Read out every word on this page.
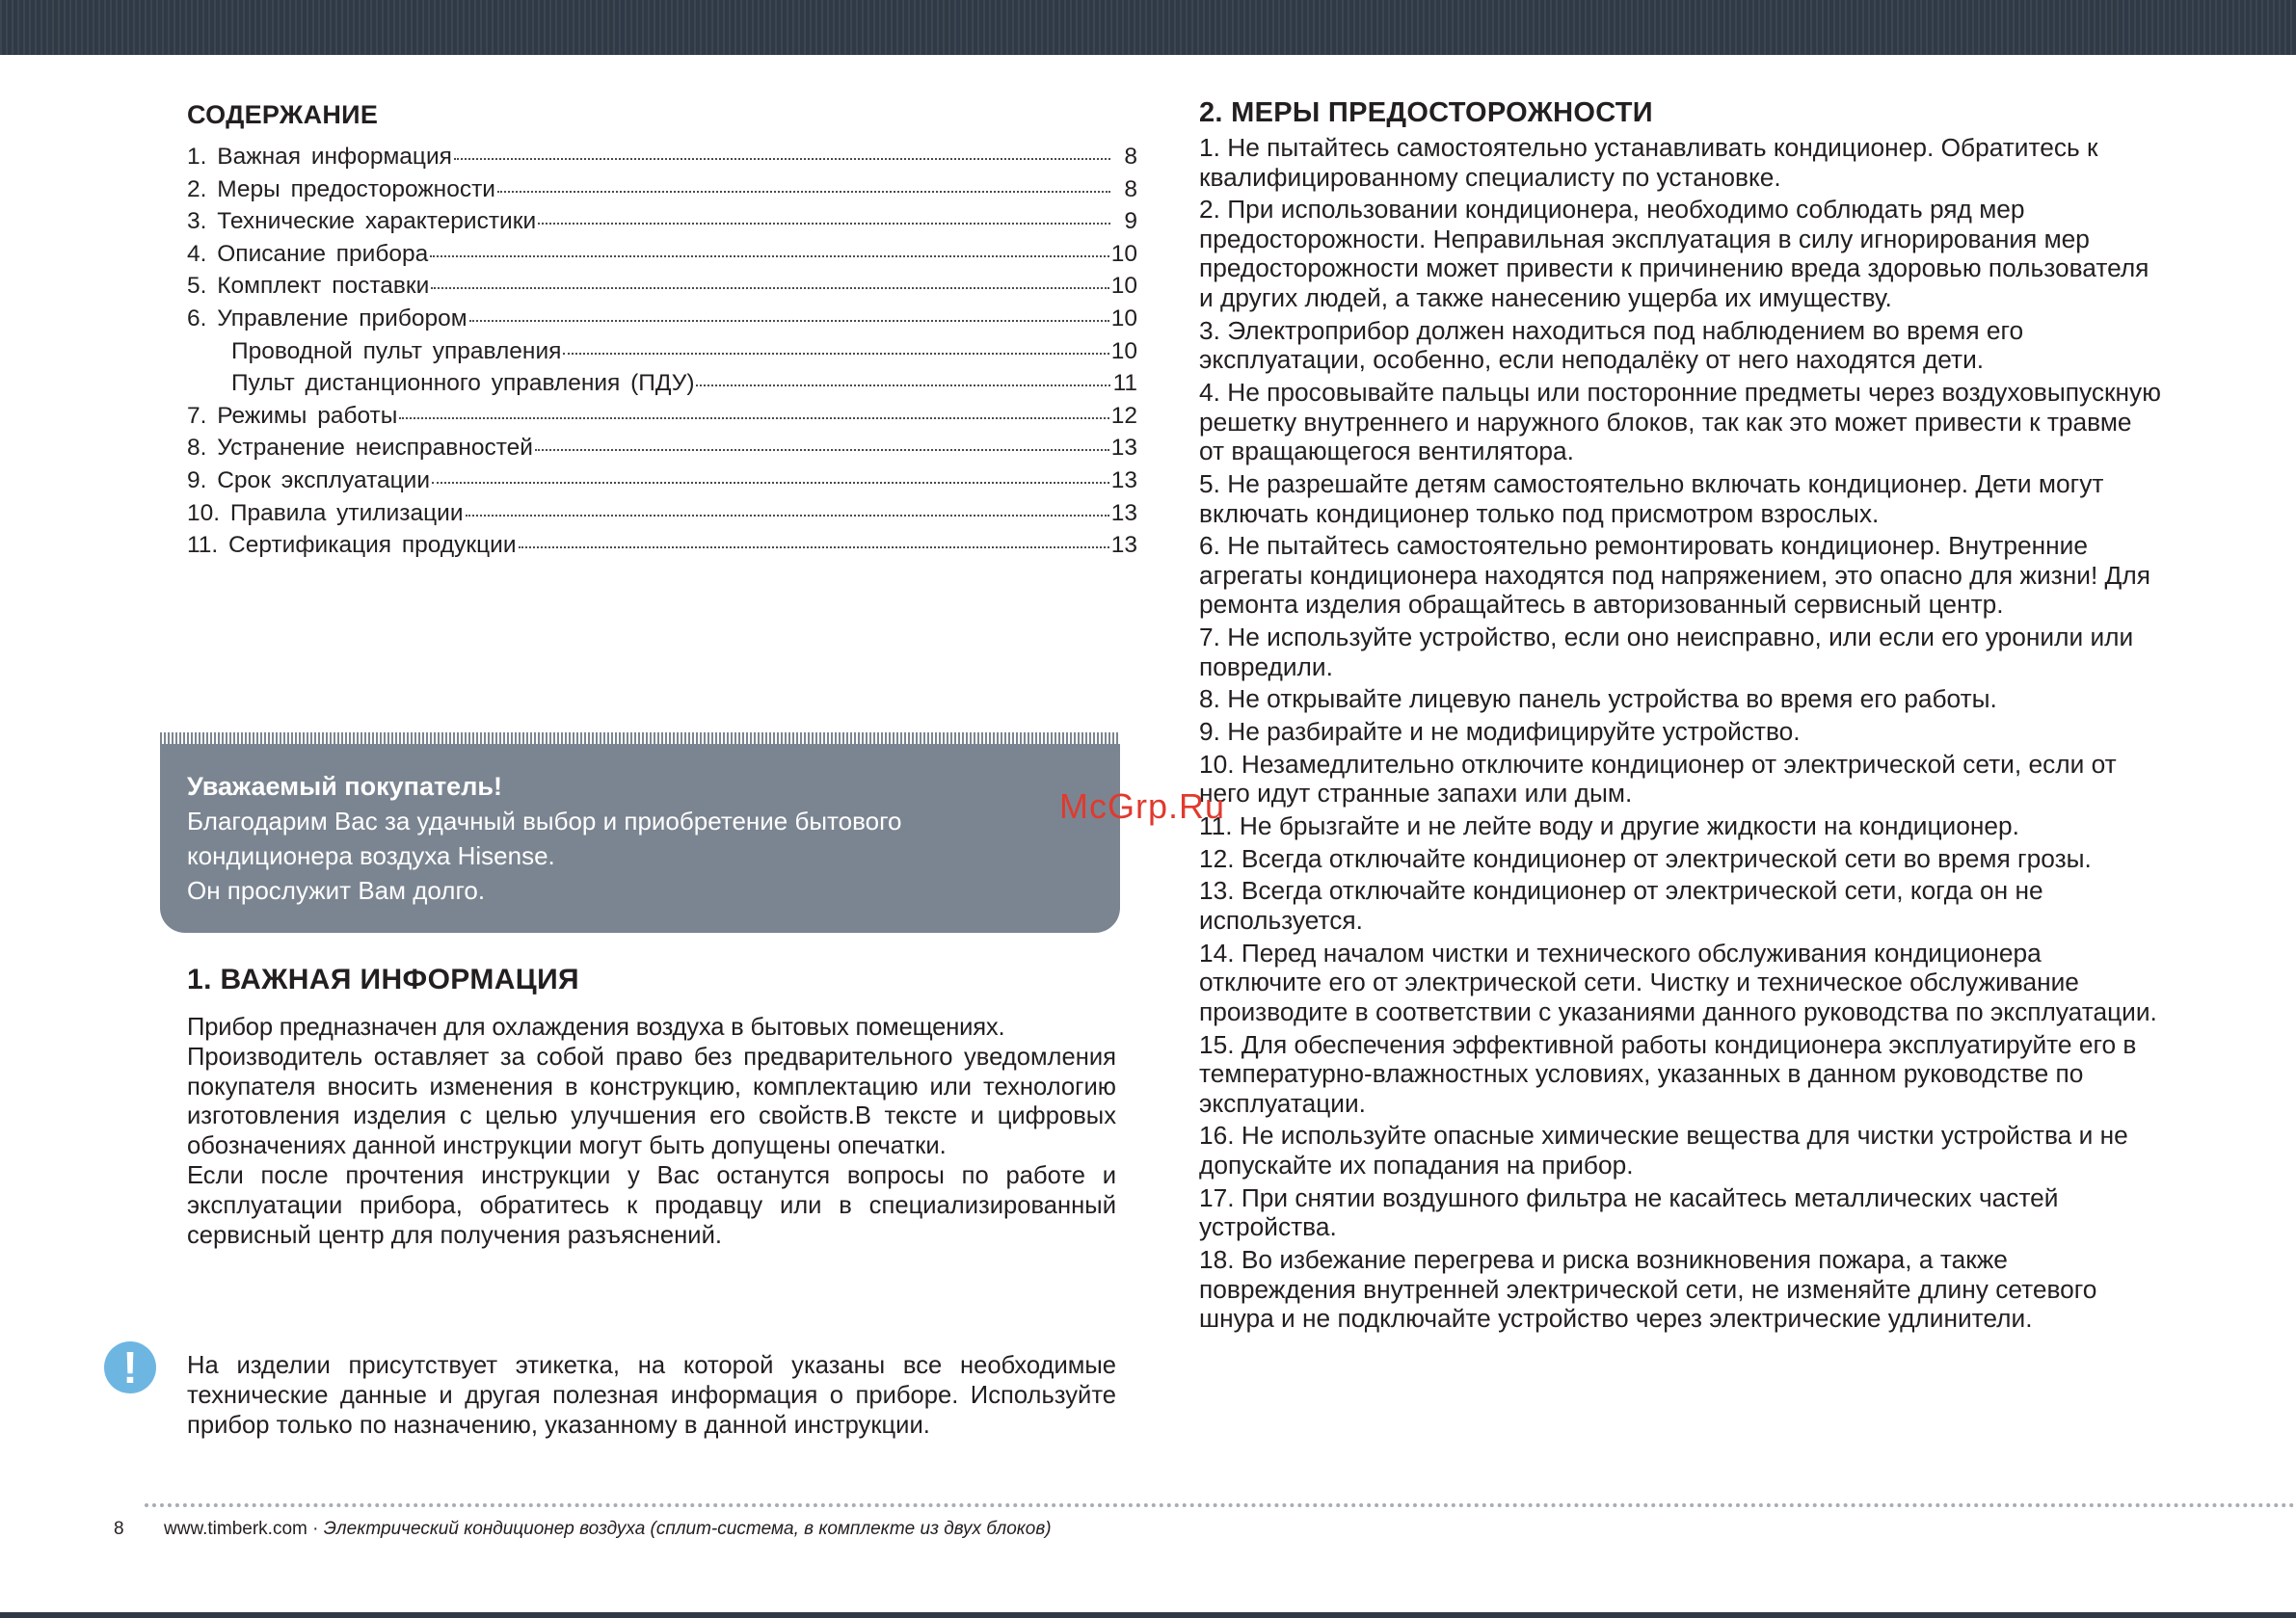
СОДЕРЖАНИЕ
1. Важная информация	8
2. Меры предосторожности	8
3. Технические характеристики	9
4. Описание прибора	10
5. Комплект поставки	10
6. Управление прибором	10
Проводной пульт управления	10
Пульт дистанционного управления (ПДУ)	11
7. Режимы работы	12
8. Устранение неисправностей	13
9. Срок эксплуатации	13
10. Правила утилизации	13
11. Сертификация продукции	13

Уважаемый покупатель!

Благодарим Вас за удачный выбор и приобретение бытового

кондиционера воздуха Hisense.

Он прослужит Вам долго.

1. ВАЖНАЯ ИНФОРМАЦИЯ

Прибор предназначен для охлаждения воздуха в бытовых помещениях.

Производитель оставляет за собой право без предварительного уведомления покупателя вносить изменения в конструкцию, комплектацию или технологию изготовления изделия с целью улучшения его свойств.В тексте и цифровых обозначениях данной инструкции могут быть допущены опечатки.

Если после прочтения инструкции у Вас останутся вопросы по работе и эксплуатации прибора, обратитесь к продавцу или в специализированный сервисный центр для получения разъяснений.

!	На изделии присутствует этикетка, на которой указаны все необходимые технические данные и другая полезная информация о приборе. Используйте прибор только по назначению, указанному в данной инструкции.

2. МЕРЫ ПРЕДОСТОРОЖНОСТИ
1. Не пытайтесь самостоятельно устанавливать кондиционер. Обратитесь к квалифицированному специалисту по установке.
2. При использовании кондиционера, необходимо соблюдать ряд мер предосторожности. Неправильная эксплуатация в силу игнорирования мер предосторожности может привести к причинению вреда здоровью пользователя и других людей, а также нанесению ущерба их имуществу.
3. Электроприбор должен находиться под наблюдением во время его эксплуатации, особенно, если неподалёку от него находятся дети.
4. Не просовывайте пальцы или посторонние предметы через воздуховыпускную решетку внутреннего и наружного блоков, так как это может привести к травме от вращающегося вентилятора.
5. Не разрешайте детям самостоятельно включать кондиционер. Дети могут включать кондиционер только под присмотром взрослых.
6. Не пытайтесь самостоятельно ремонтировать кондиционер. Внутренние агрегаты кондиционера находятся под напряжением, это опасно для жизни! Для ремонта изделия обращайтесь в авторизованный сервисный центр.
7. Не используйте устройство, если оно неисправно, или если его уронили или повредили.
8. Не открывайте лицевую панель устройства во время его работы.
9. Не разбирайте и не модифицируйте устройство.
10. Незамедлительно отключите кондиционер от электрической сети, если от него идут странные запахи или дым.
11. Не брызгайте и не лейте воду и другие жидкости на кондиционер.
12. Всегда отключайте кондиционер от электрической сети во время грозы.
13. Всегда отключайте кондиционер от электрической сети, когда он не используется.
14. Перед началом чистки и технического обслуживания кондиционера отключите его от электрической сети. Чистку и техническое обслуживание производите в соответствии с указаниями данного руководства по эксплуатации.
15. Для обеспечения эффективной работы кондиционера эксплуатируйте его в температурно-влажностных условиях, указанных в данном руководстве по эксплуатации.
16. Не используйте опасные химические вещества для чистки устройства и не допускайте их попадания на прибор.
17. При снятии воздушного фильтра не касайтесь металлических частей устройства.
18. Во избежание перегрева и риска возникновения пожара, а также повреждения внутренней электрической сети, не изменяйте длину сетевого шнура и не подключайте устройство через электрические удлинители.

McGrp.Ru

8 www.timberk.com · Электрический кондиционер воздуха (сплит-система, в комплекте из двух блоков)
